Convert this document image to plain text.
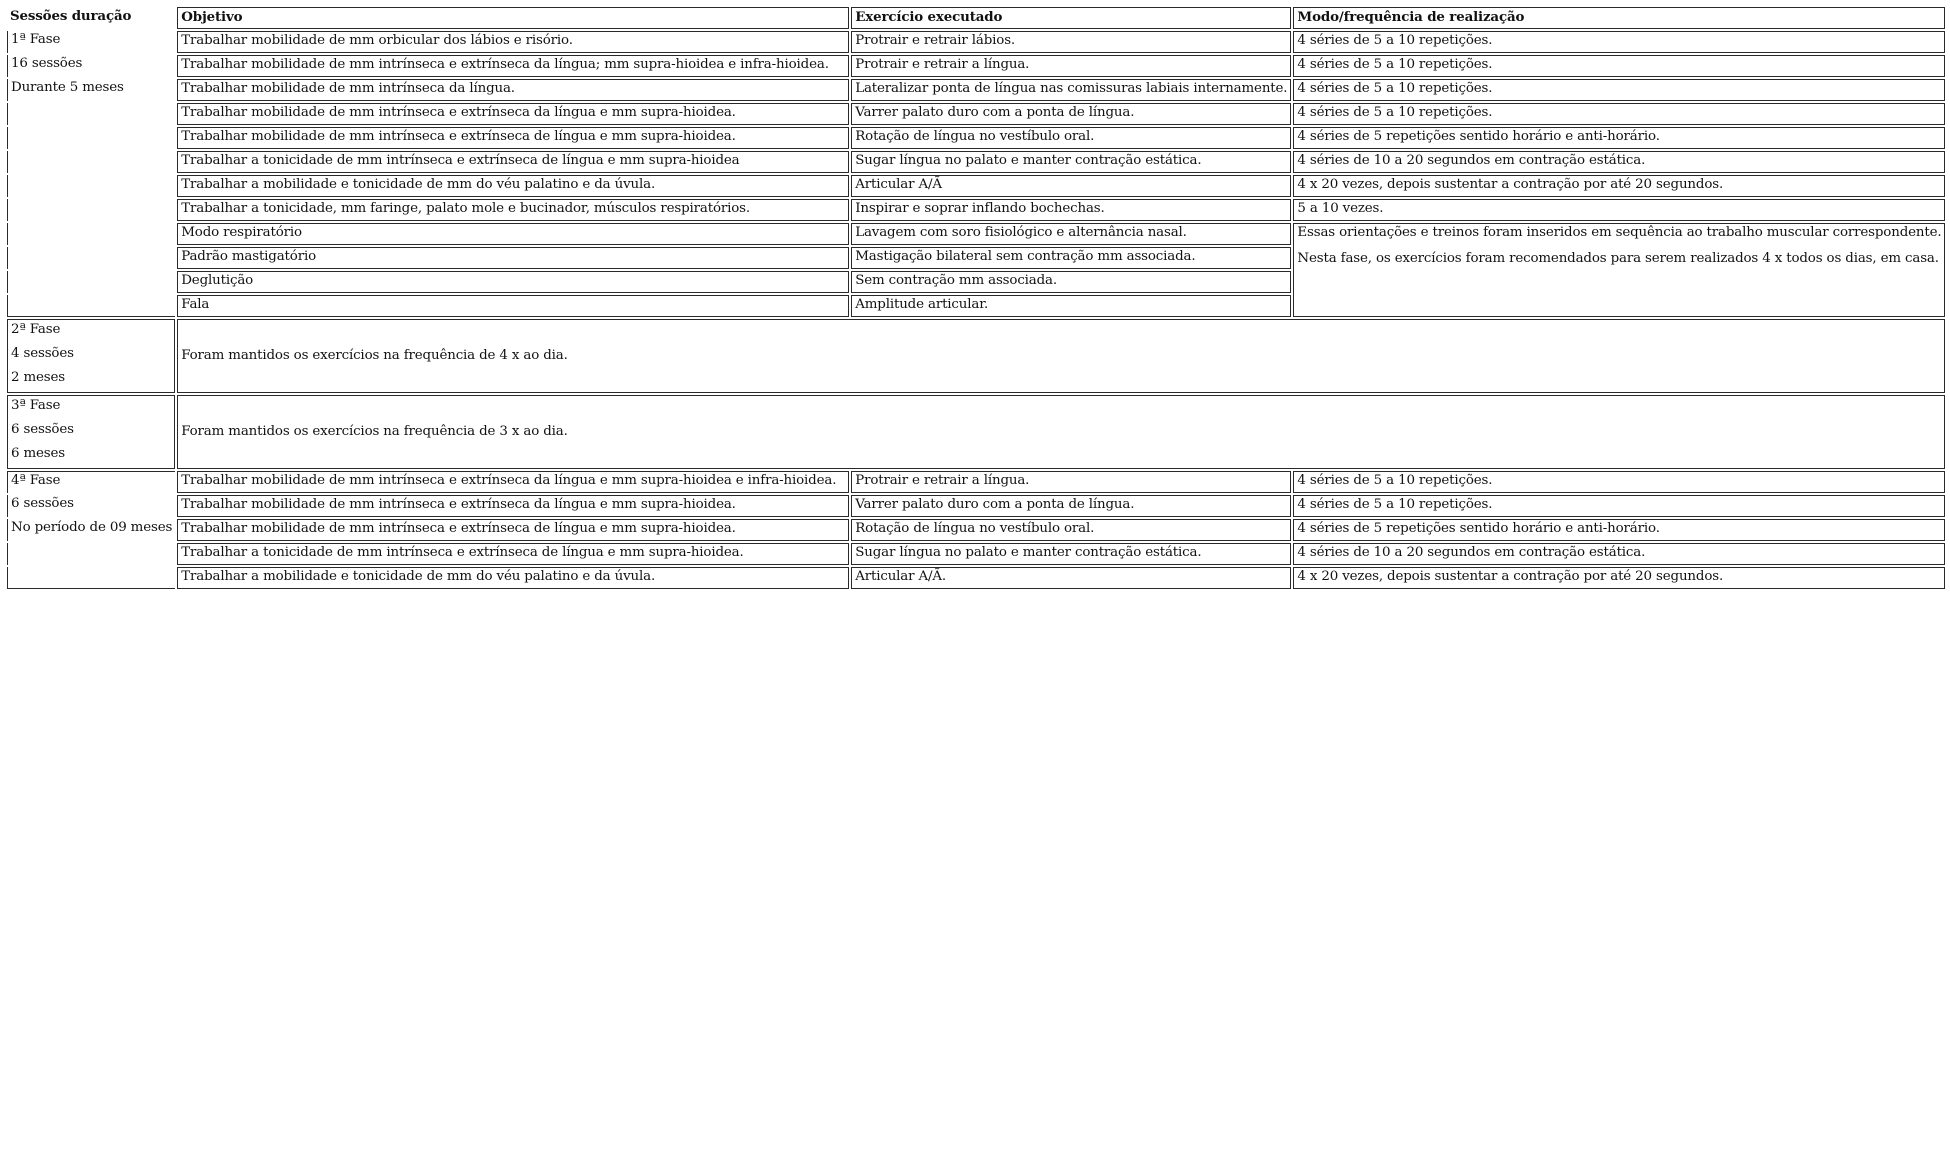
Sessões duração	Objetivo	Exercício executado	Modo/frequência de realização
1ª Fase	Trabalhar mobilidade de mm orbicular dos lábios e risório.	Protrair e retrair lábios.	4 séries de 5 a 10 repetições.
16 sessões	Trabalhar mobilidade de mm intrínseca e extrínseca da língua; mm supra-hioidea e infra-hioidea.	Protrair e retrair a língua.	4 séries de 5 a 10 repetições.
Durante 5 meses	Trabalhar mobilidade de mm intrínseca da língua.	Lateralizar ponta de língua nas comissuras labiais internamente.	4 séries de 5 a 10 repetições.
	Trabalhar mobilidade de mm intrínseca e extrínseca da língua e mm supra-hioidea.	Varrer palato duro com a ponta de língua.	4 séries de 5 a 10 repetições.
	Trabalhar mobilidade de mm intrínseca e extrínseca de língua e mm supra-hioidea.	Rotação de língua no vestíbulo oral.	4 séries de 5 repetições sentido horário e anti-horário.
	Trabalhar a tonicidade de mm intrínseca e extrínseca de língua e mm supra-hioidea	Sugar língua no palato e manter contração estática.	4 séries de 10 a 20 segundos em contração estática.
	Trabalhar a mobilidade e tonicidade de mm do véu palatino e da úvula.	Articular A/Ã	4 x 20 vezes, depois sustentar a contração por até 20 segundos.
	Trabalhar a tonicidade, mm faringe, palato mole e bucinador, músculos respiratórios.	Inspirar e soprar inflando bochechas.	5 a 10 vezes.
	Modo respiratório	Lavagem com soro fisiológico e alternância nasal.	Essas orientações e treinos foram inseridos em sequência ao trabalho muscular correspondente.
Nesta fase, os exercícios foram recomendados para serem realizados 4 x todos os dias, em casa.

	Padrão mastigatório	Mastigação bilateral sem contração mm associada.	
	Deglutição	Sem contração mm associada.	
	Fala	Amplitude articular.	

2ª Fase
4 sessões
2 meses	Foram mantidos os exercícios na frequência de 4 x ao dia.		

3ª Fase
6 sessões
6 meses	Foram mantidos os exercícios na frequência de 3 x ao dia.		
4ª Fase	Trabalhar mobilidade de mm intrínseca e extrínseca da língua e mm supra-hioidea e infra-hioidea.	Protrair e retrair a língua.	4 séries de 5 a 10 repetições.
6 sessões	Trabalhar mobilidade de mm intrínseca e extrínseca da língua e mm supra-hioidea.	Varrer palato duro com a ponta de língua.	4 séries de 5 a 10 repetições.
No período de 09 meses	Trabalhar mobilidade de mm intrínseca e extrínseca de língua e mm supra-hioidea.	Rotação de língua no vestíbulo oral.	4 séries de 5 repetições sentido horário e anti-horário.
	Trabalhar a tonicidade de mm intrínseca e extrínseca de língua e mm supra-hioidea.	Sugar língua no palato e manter contração estática.	4 séries de 10 a 20 segundos em contração estática.
	Trabalhar a mobilidade e tonicidade de mm do véu palatino e da úvula.	Articular A/Ã.	4 x 20 vezes, depois sustentar a contração por até 20 segundos.
